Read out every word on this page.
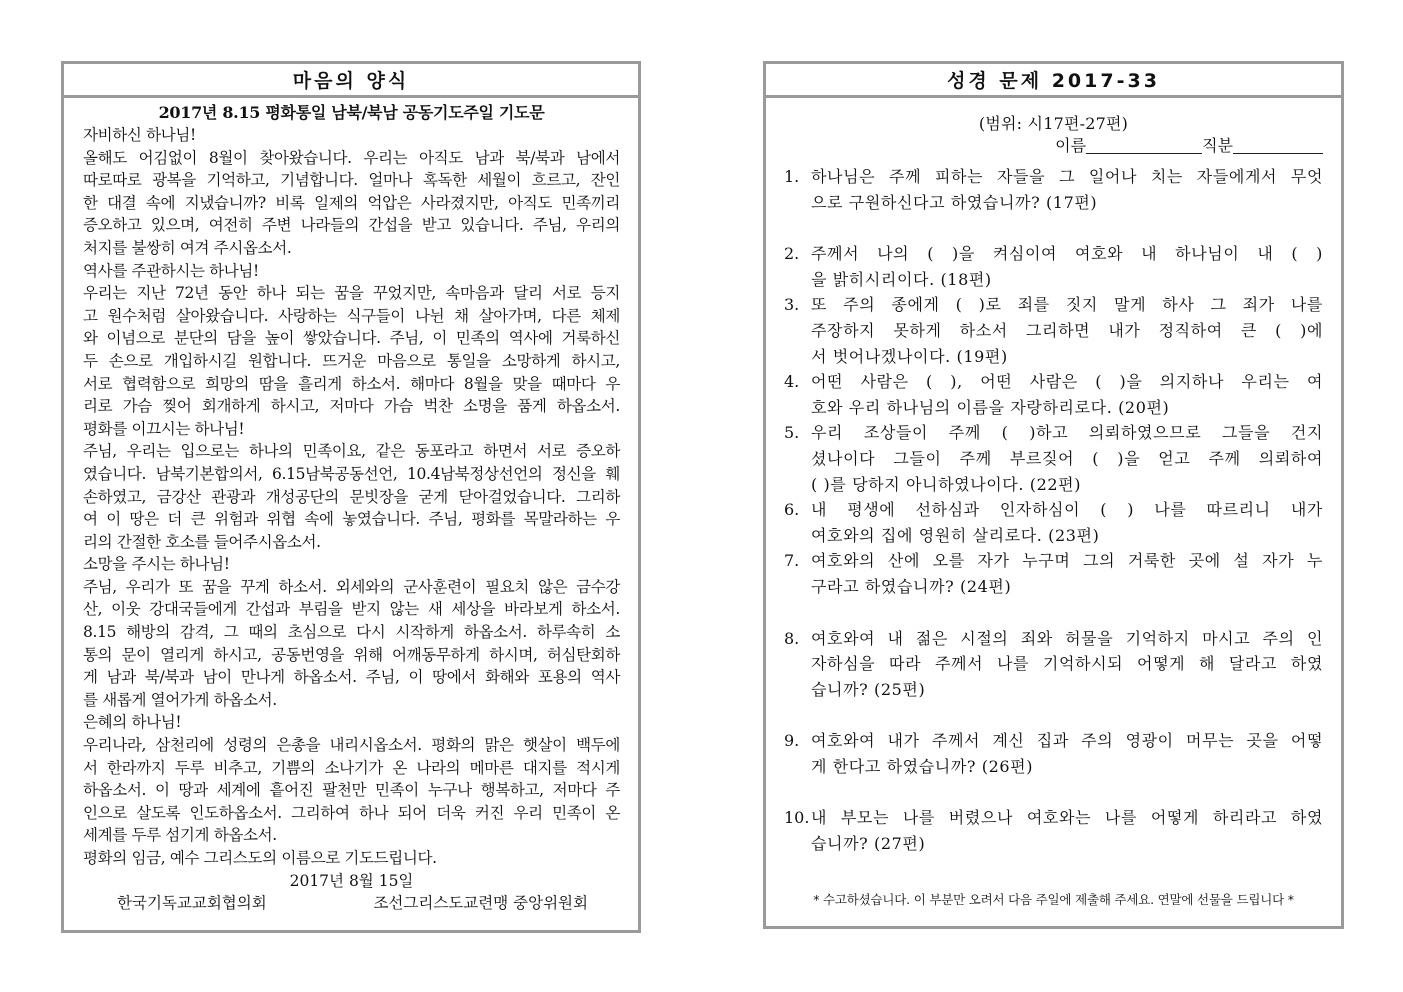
마음의 양식
2017년 8.15 평화통일 남북/북남 공동기도주일 기도문
자비하신 하나님!
올해도 어김없이 8월이 찾아왔습니다. 우리는 아직도 남과 북/북과 남에서
따로따로 광복을 기억하고, 기념합니다. 얼마나 혹독한 세월이 흐르고, 잔인
한 대결 속에 지냈습니까? 비록 일제의 억압은 사라졌지만, 아직도 민족끼리
증오하고 있으며, 여전히 주변 나라들의 간섭을 받고 있습니다. 주님, 우리의
처지를 불쌍히 여겨 주시옵소서.
역사를 주관하시는 하나님!
우리는 지난 72년 동안 하나 되는 꿈을 꾸었지만, 속마음과 달리 서로 등지
고 원수처럼 살아왔습니다. 사랑하는 식구들이 나뉜 채 살아가며, 다른 체제
와 이념으로 분단의 담을 높이 쌓았습니다. 주님, 이 민족의 역사에 거룩하신
두 손으로 개입하시길 원합니다. 뜨거운 마음으로 통일을 소망하게 하시고,
서로 협력함으로 희망의 땀을 흘리게 하소서. 해마다 8월을 맞을 때마다 우
리로 가슴 찢어 회개하게 하시고, 저마다 가슴 벅찬 소명을 품게 하옵소서.
평화를 이끄시는 하나님!
주님, 우리는 입으로는 하나의 민족이요, 같은 동포라고 하면서 서로 증오하
였습니다. 남북기본합의서, 6.15남북공동선언, 10.4남북정상선언의 정신을 훼
손하였고, 금강산 관광과 개성공단의 문빗장을 굳게 닫아걸었습니다. 그리하
여 이 땅은 더 큰 위험과 위협 속에 놓였습니다. 주님, 평화를 목말라하는 우
리의 간절한 호소를 들어주시옵소서.
소망을 주시는 하나님!
주님, 우리가 또 꿈을 꾸게 하소서. 외세와의 군사훈련이 필요치 않은 금수강
산, 이웃 강대국들에게 간섭과 부림을 받지 않는 새 세상을 바라보게 하소서.
8.15 해방의 감격, 그 때의 초심으로 다시 시작하게 하옵소서. 하루속히 소
통의 문이 열리게 하시고, 공동번영을 위해 어깨동무하게 하시며, 허심탄회하
게 남과 북/북과 남이 만나게 하옵소서. 주님, 이 땅에서 화해와 포용의 역사
를 새롭게 열어가게 하옵소서.
은혜의 하나님!
우리나라, 삼천리에 성령의 은총을 내리시옵소서. 평화의 맑은 햇살이 백두에
서 한라까지 두루 비추고, 기쁨의 소나기가 온 나라의 메마른 대지를 적시게
하옵소서. 이 땅과 세계에 흩어진 팔천만 민족이 누구나 행복하고, 저마다 주
인으로 살도록 인도하옵소서. 그리하여 하나 되어 더욱 커진 우리 민족이 온
세계를 두루 섬기게 하옵소서.
평화의 임금, 예수 그리스도의 이름으로 기도드립니다.
2017년 8월 15일
한국기독교교회협의회	조선그리스도교련맹 중앙위원회
성경 문제 2017-33
(범위: 시17편-27편)
이름	직분
1. 하나님은 주께 피하는 자들을 그 일어나 치는 자들에게서 무엇
으로 구원하신다고 하였습니까? (17편)
2. 주께서 나의 ( )을 켜심이여 여호와 내 하나님이 내 ( )
을 밝히시리이다. (18편)
3. 또 주의 종에게 ( )로 죄를 짓지 말게 하사 그 죄가 나를
주장하지 못하게 하소서 그리하면 내가 정직하여 큰 ( )에
서 벗어나겠나이다. (19편)
4. 어떤 사람은 ( ), 어떤 사람은 ( )을 의지하나 우리는 여
호와 우리 하나님의 이름을 자랑하리로다. (20편)
5. 우리 조상들이 주께 ( )하고 의뢰하였으므로 그들을 건지
셨나이다 그들이 주께 부르짖어 ( )을 얻고 주께 의뢰하여
( )를 당하지 아니하였나이다. (22편)
6. 내 평생에 선하심과 인자하심이 ( ) 나를 따르리니 내가
여호와의 집에 영원히 살리로다. (23편)
7. 여호와의 산에 오를 자가 누구며 그의 거룩한 곳에 설 자가 누
구라고 하였습니까? (24편)
8. 여호와여 내 젊은 시절의 죄와 허물을 기억하지 마시고 주의 인
자하심을 따라 주께서 나를 기억하시되 어떻게 해 달라고 하였
습니까? (25편)
9. 여호와여 내가 주께서 계신 집과 주의 영광이 머무는 곳을 어떻
게 한다고 하였습니까? (26편)
10. 내 부모는 나를 버렸으나 여호와는 나를 어떻게 하리라고 하였
습니까? (27편)
* 수고하셨습니다. 이 부분만 오려서 다음 주일에 제출해 주세요. 연말에 선물을 드립니다 *
